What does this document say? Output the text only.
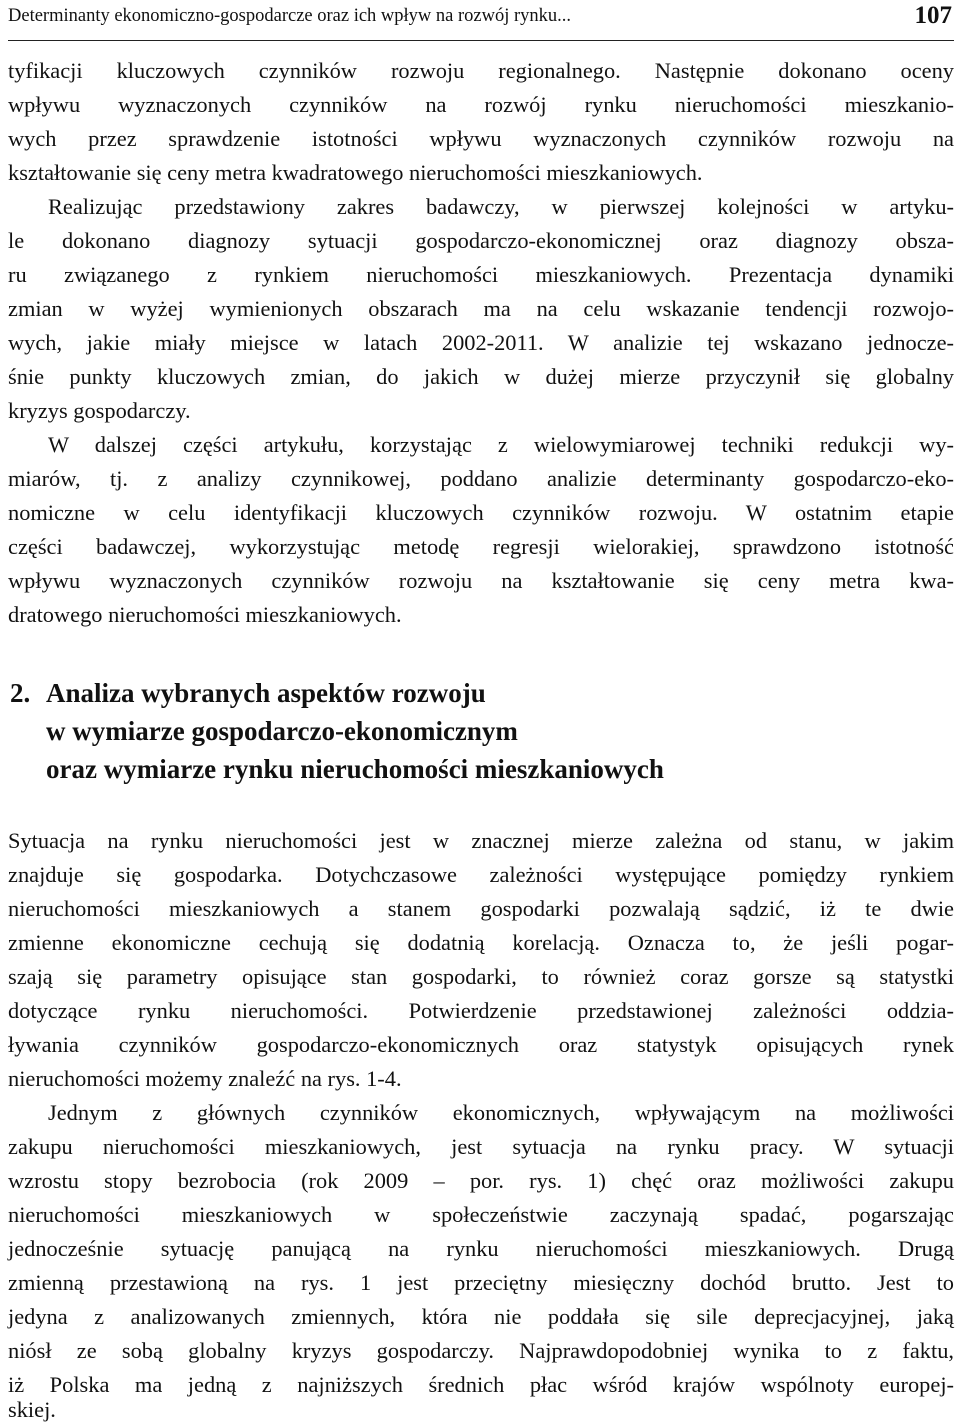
Determinanty ekonomiczno-gospodarcze oraz ich wpływ na rozwój rynku...	107
tyfikacji kluczowych czynników rozwoju regionalnego. Następnie dokonano oceny
wpływu wyznaczonych czynników na rozwój rynku nieruchomości mieszkanio-
wych przez sprawdzenie istotności wpływu wyznaczonych czynników rozwoju na
kształtowanie się ceny metra kwadratowego nieruchomości mieszkaniowych.
Realizując przedstawiony zakres badawczy, w pierwszej kolejności w artyku-
le dokonano diagnozy sytuacji gospodarczo-ekonomicznej oraz diagnozy obsza-
ru związanego z rynkiem nieruchomości mieszkaniowych. Prezentacja dynamiki
zmian w wyżej wymienionych obszarach ma na celu wskazanie tendencji rozwojo-
wych, jakie miały miejsce w latach 2002-2011. W analizie tej wskazano jednocze-
śnie punkty kluczowych zmian, do jakich w dużej mierze przyczynił się globalny
kryzys gospodarczy.
W dalszej części artykułu, korzystając z wielowymiarowej techniki redukcji wy-
miarów, tj. z analizy czynnikowej, poddano analizie determinanty gospodarczo-eko-
nomiczne w celu identyfikacji kluczowych czynników rozwoju. W ostatnim etapie
części badawczej, wykorzystując metodę regresji wielorakiej, sprawdzono istotność
wpływu wyznaczonych czynników rozwoju na kształtowanie się ceny metra kwa-
dratowego nieruchomości mieszkaniowych.
2. Analiza wybranych aspektów rozwoju
w wymiarze gospodarczo-ekonomicznym
oraz wymiarze rynku nieruchomości mieszkaniowych
Sytuacja na rynku nieruchomości jest w znacznej mierze zależna od stanu, w jakim
znajduje się gospodarka. Dotychczasowe zależności występujące pomiędzy rynkiem
nieruchomości mieszkaniowych a stanem gospodarki pozwalają sądzić, iż te dwie
zmienne ekonomiczne cechują się dodatnią korelacją. Oznacza to, że jeśli pogar-
szają się parametry opisujące stan gospodarki, to również coraz gorsze są statystki
dotyczące rynku nieruchomości. Potwierdzenie przedstawionej zależności oddzia-
ływania czynników gospodarczo-ekonomicznych oraz statystyk opisujących rynek
nieruchomości możemy znaleźć na rys. 1-4.
Jednym z głównych czynników ekonomicznych, wpływającym na możliwości
zakupu nieruchomości mieszkaniowych, jest sytuacja na rynku pracy. W sytuacji
wzrostu stopy bezrobocia (rok 2009 – por. rys. 1) chęć oraz możliwości zakupu
nieruchomości mieszkaniowych w społeczeństwie zaczynają spadać, pogarszając
jednocześnie sytuację panującą na rynku nieruchomości mieszkaniowych. Drugą
zmienną przestawioną na rys. 1 jest przeciętny miesięczny dochód brutto. Jest to
jedyna z analizowanych zmiennych, która nie poddała się sile deprecjacyjnej, jaką
niósł ze sobą globalny kryzys gospodarczy. Najprawdopodobniej wynika to z faktu,
iż Polska ma jedną z najniższych średnich płac wśród krajów wspólnoty europej-
skiej.
